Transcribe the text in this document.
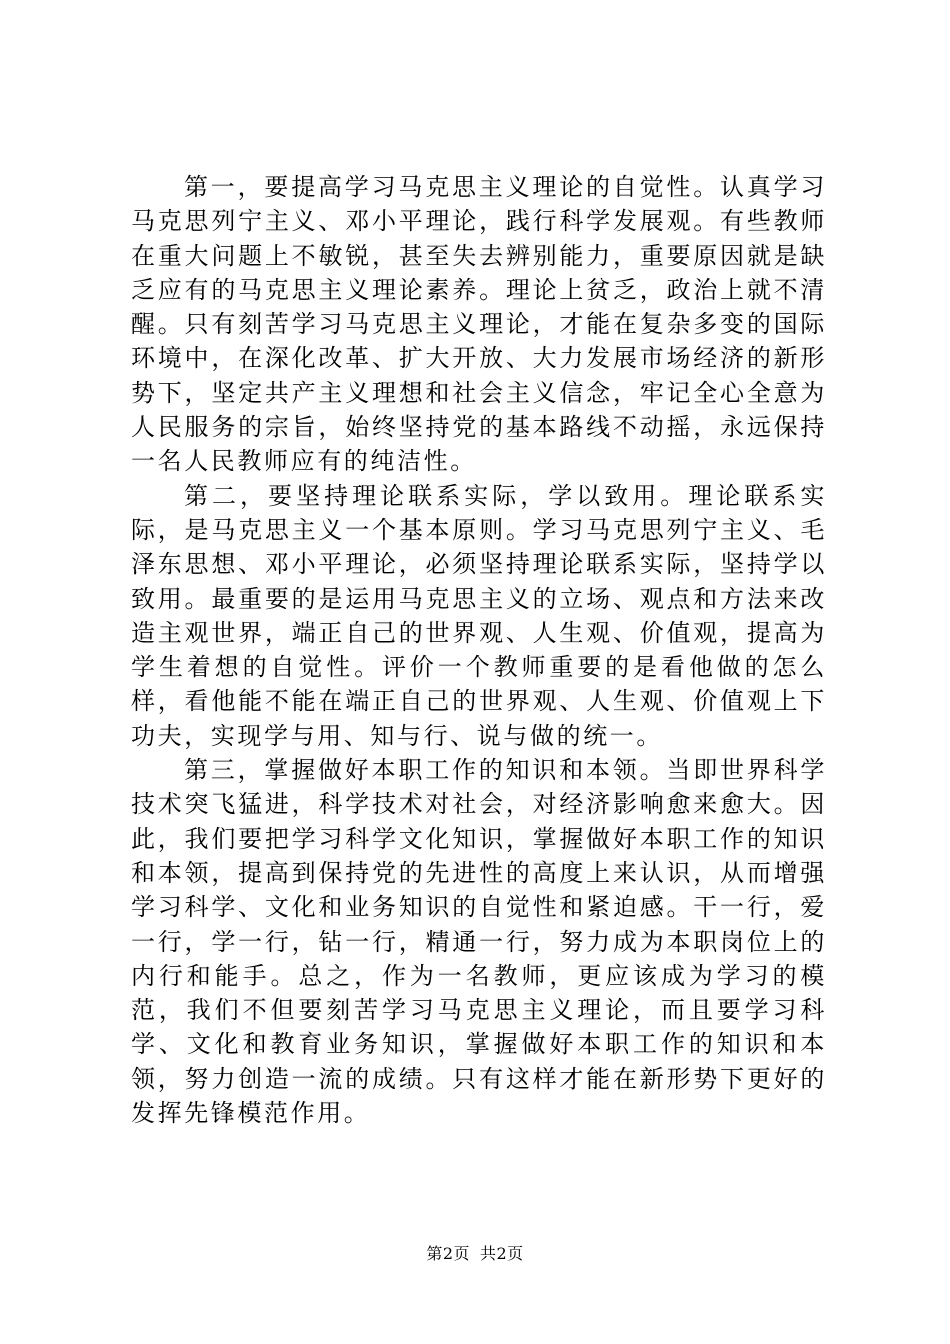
第一，要提高学习马克思主义理论的自觉性。认真学习马克思列宁主义、邓小平理论，践行科学发展观。有些教师在重大问题上不敏锐，甚至失去辨别能力，重要原因就是缺乏应有的马克思主义理论素养。理论上贫乏，政治上就不清醒。只有刻苦学习马克思主义理论，才能在复杂多变的国际环境中，在深化改革、扩大开放、大力发展市场经济的新形势下，坚定共产主义理想和社会主义信念，牢记全心全意为人民服务的宗旨，始终坚持党的基本路线不动摇，永远保持一名人民教师应有的纯洁性。

第二，要坚持理论联系实际，学以致用。理论联系实际，是马克思主义一个基本原则。学习马克思列宁主义、毛泽东思想、邓小平理论，必须坚持理论联系实际，坚持学以致用。最重要的是运用马克思主义的立场、观点和方法来改造主观世界，端正自己的世界观、人生观、价值观，提高为学生着想的自觉性。评价一个教师重要的是看他做的怎么样，看他能不能在端正自己的世界观、人生观、价值观上下功夫，实现学与用、知与行、说与做的统一。

第三，掌握做好本职工作的知识和本领。当即世界科学技术突飞猛进，科学技术对社会，对经济影响愈来愈大。因此，我们要把学习科学文化知识，掌握做好本职工作的知识和本领，提高到保持党的先进性的高度上来认识，从而增强学习科学、文化和业务知识的自觉性和紧迫感。干一行，爱一行，学一行，钻一行，精通一行，努力成为本职岗位上的内行和能手。总之，作为一名教师，更应该成为学习的模范，我们不但要刻苦学习马克思主义理论，而且要学习科学、文化和教育业务知识，掌握做好本职工作的知识和本领，努力创造一流的成绩。只有这样才能在新形势下更好的发挥先锋模范作用。

第2页 共2页
